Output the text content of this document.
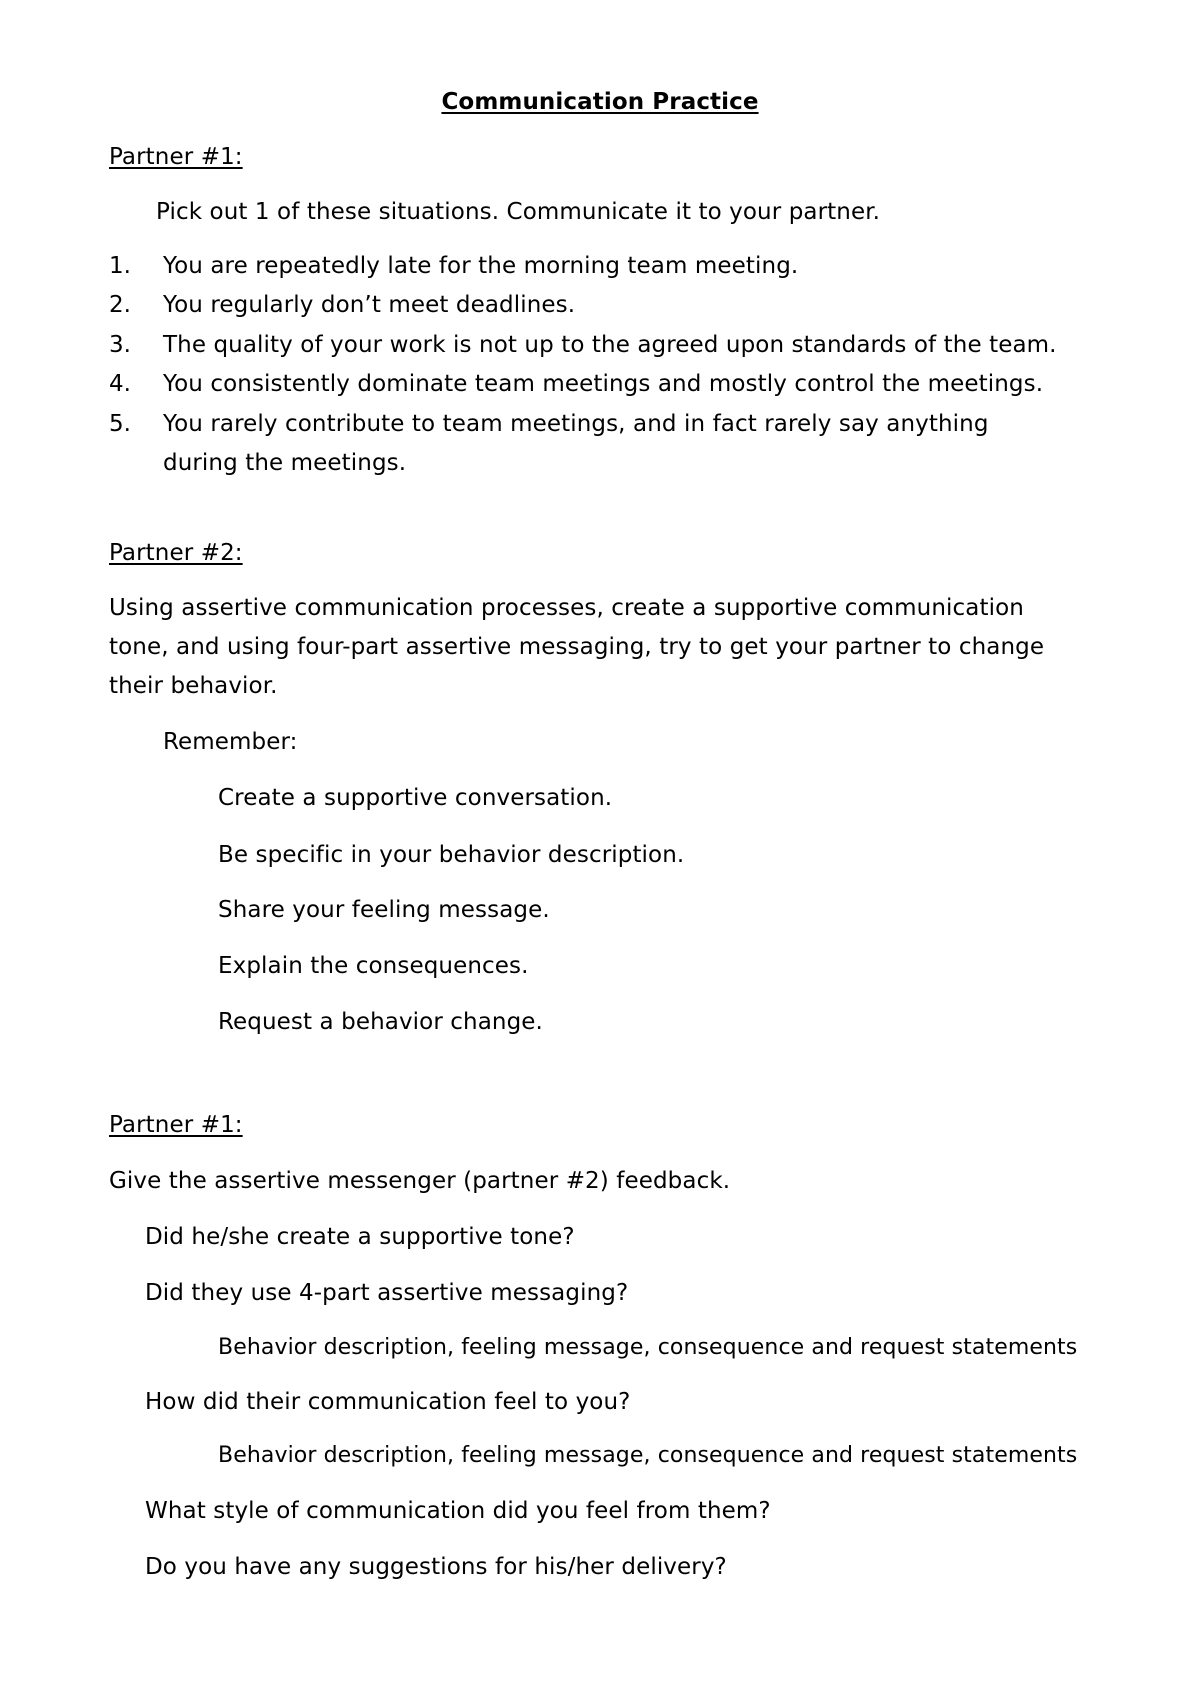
Communication Practice
Partner #1:
Pick out 1 of these situations. Communicate it to your partner.
1. You are repeatedly late for the morning team meeting.
2. You regularly don’t meet deadlines.
3. The quality of your work is not up to the agreed upon standards of the team.
4. You consistently dominate team meetings and mostly control the meetings.
5. You rarely contribute to team meetings, and in fact rarely say anything
during the meetings.
Partner #2:
Using assertive communication processes, create a supportive communication
tone, and using four-part assertive messaging, try to get your partner to change
their behavior.
Remember:
Create a supportive conversation.
Be specific in your behavior description.
Share your feeling message.
Explain the consequences.
Request a behavior change.
Partner #1:
Give the assertive messenger (partner #2) feedback.
Did he/she create a supportive tone?
Did they use 4-part assertive messaging?
Behavior description, feeling message, consequence and request statements
How did their communication feel to you?
Behavior description, feeling message, consequence and request statements
What style of communication did you feel from them?
Do you have any suggestions for his/her delivery?
